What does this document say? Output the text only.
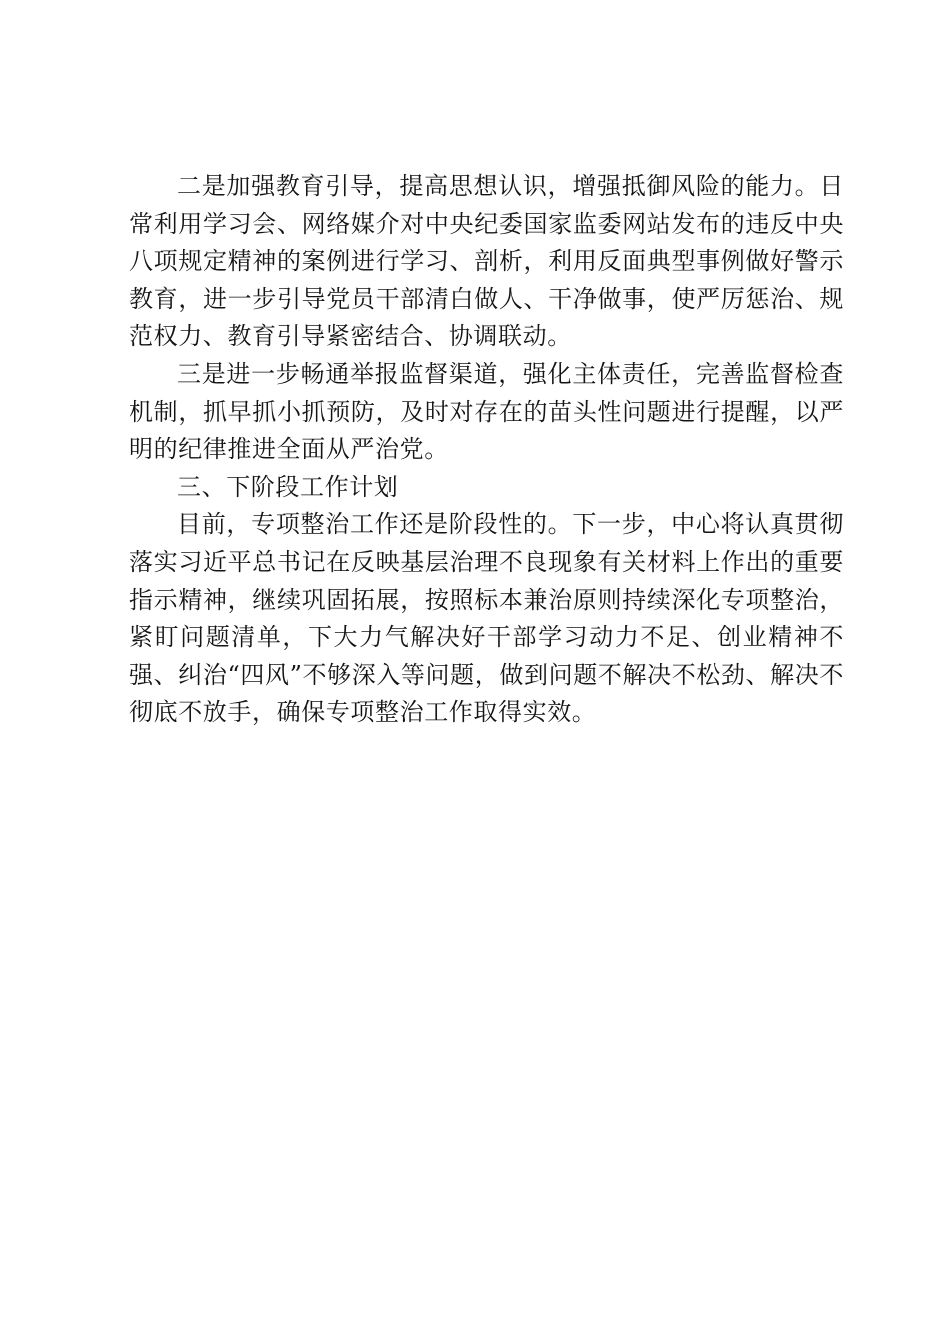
二是加强教育引导，提高思想认识，增强抵御风险的能力。日常利用学习会、网络媒介对中央纪委国家监委网站发布的违反中央八项规定精神的案例进行学习、剖析，利用反面典型事例做好警示教育，进一步引导党员干部清白做人、干净做事，使严厉惩治、规范权力、教育引导紧密结合、协调联动。

三是进一步畅通举报监督渠道，强化主体责任，完善监督检查机制，抓早抓小抓预防，及时对存在的苗头性问题进行提醒，以严明的纪律推进全面从严治党。

三、下阶段工作计划

目前，专项整治工作还是阶段性的。下一步，中心将认真贯彻落实习近平总书记在反映基层治理不良现象有关材料上作出的重要指示精神，继续巩固拓展，按照标本兼治原则持续深化专项整治，紧盯问题清单，下大力气解决好干部学习动力不足、创业精神不强、纠治“四风”不够深入等问题，做到问题不解决不松劲、解决不彻底不放手，确保专项整治工作取得实效。
